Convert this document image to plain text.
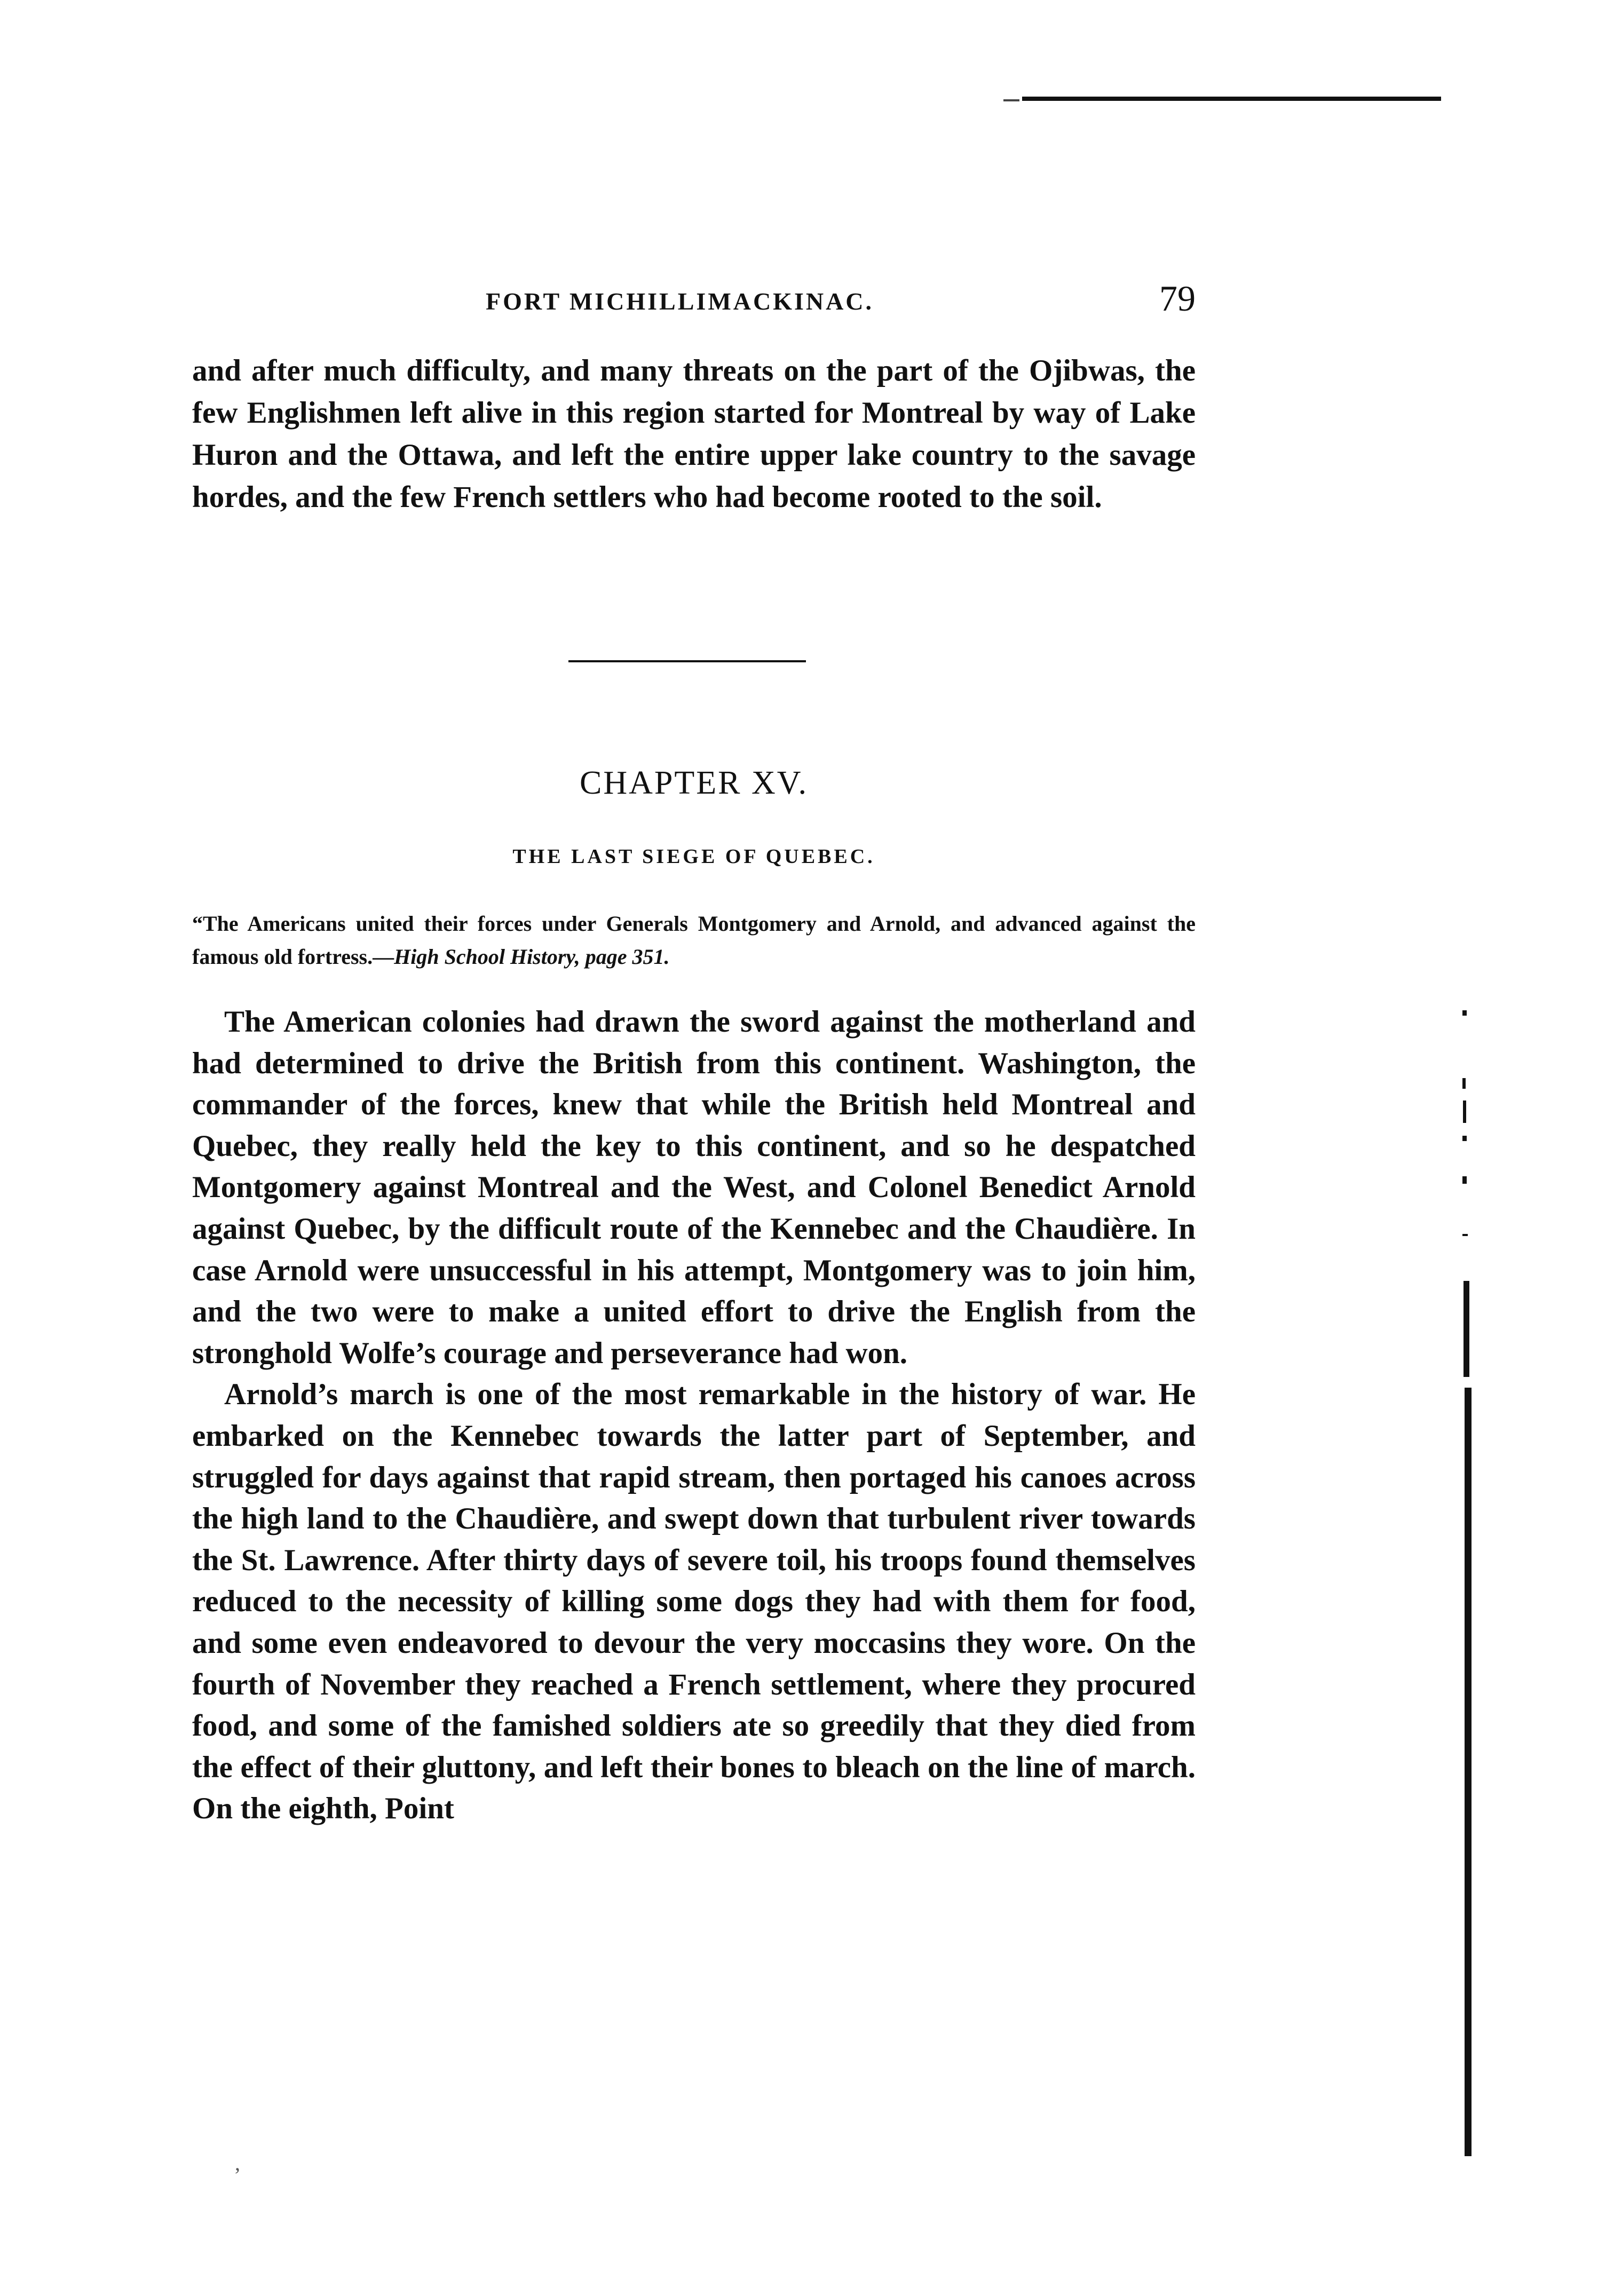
FORT MICHILLIMACKINAC.	79
and after much difficulty, and many threats on the part of the Ojibwas, the few Englishmen left alive in this region started for Montreal by way of Lake Huron and the Ottawa, and left the entire upper lake country to the savage hordes, and the few French settlers who had become rooted to the soil.
CHAPTER XV.
THE LAST SIEGE OF QUEBEC.
“The Americans united their forces under Generals Montgomery and Arnold, and advanced against the famous old fortress.—High School History, page 351.

The American colonies had drawn the sword against the motherland and had determined to drive the British from this continent. Washington, the commander of the forces, knew that while the British held Montreal and Quebec, they really held the key to this continent, and so he despatched Montgomery against Montreal and the West, and Colonel Benedict Arnold against Quebec, by the difficult route of the Kennebec and the Chaudière. In case Arnold were unsuccessful in his attempt, Montgomery was to join him, and the two were to make a united effort to drive the English from the stronghold Wolfe’s courage and perseverance had won.

Arnold’s march is one of the most remarkable in the history of war. He embarked on the Kennebec towards the latter part of September, and struggled for days against that rapid stream, then portaged his canoes across the high land to the Chaudière, and swept down that turbulent river towards the St. Lawrence. After thirty days of severe toil, his troops found themselves reduced to the necessity of killing some dogs they had with them for food, and some even endeavored to devour the very moccasins they wore. On the fourth of November they reached a French settlement, where they procured food, and some of the famished soldiers ate so greedily that they died from the effect of their gluttony, and left their bones to bleach on the line of march. On the eighth, Point

’
